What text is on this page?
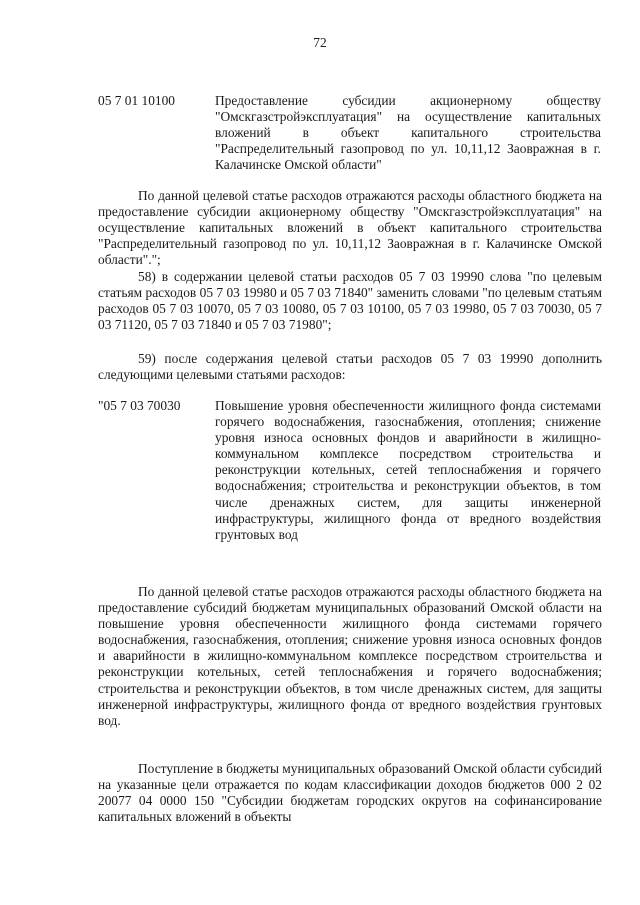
72
05 7 01 10100	Предоставление субсидии акционерному обществу "Омскгазстройэксплуатация" на осуществление капитальных вложений в объект капитального строительства "Распределительный газопровод по ул. 10,11,12 Заовражная в г. Калачинске Омской области"

По данной целевой статье расходов отражаются расходы областного бюджета на предоставление субсидии акционерному обществу "Омскгазстройэксплуатация" на осуществление капитальных вложений в объект капитального строительства "Распределительный газопровод по ул. 10,11,12 Заовражная в г. Калачинске Омской области".";

58) в содержании целевой статьи расходов 05 7 03 19990 слова "по целевым статьям расходов 05 7 03 19980 и 05 7 03 71840" заменить словами "по целевым статьям расходов 05 7 03 10070, 05 7 03 10080, 05 7 03 10100, 05 7 03 19980, 05 7 03 70030, 05 7 03 71120, 05 7 03 71840 и 05 7 03 71980";

59) после содержания целевой статьи расходов 05 7 03 19990 дополнить следующими целевыми статьями расходов:

"05 7 03 70030	Повышение уровня обеспеченности жилищного фонда системами горячего водоснабжения, газоснабжения, отопления; снижение уровня износа основных фондов и аварийности в жилищно-коммунальном комплексе посредством строительства и реконструкции котельных, сетей теплоснабжения и горячего водоснабжения; строительства и реконструкции объектов, в том числе дренажных систем, для защиты инженерной инфраструктуры, жилищного фонда от вредного воздействия грунтовых вод

По данной целевой статье расходов отражаются расходы областного бюджета на предоставление субсидий бюджетам муниципальных образований Омской области на повышение уровня обеспеченности жилищного фонда системами горячего водоснабжения, газоснабжения, отопления; снижение уровня износа основных фондов и аварийности в жилищно-коммунальном комплексе посредством строительства и реконструкции котельных, сетей теплоснабжения и горячего водоснабжения; строительства и реконструкции объектов, в том числе дренажных систем, для защиты инженерной инфраструктуры, жилищного фонда от вредного воздействия грунтовых вод.

Поступление в бюджеты муниципальных образований Омской области субсидий на указанные цели отражается по кодам классификации доходов бюджетов 000 2 02 20077 04 0000 150 "Субсидии бюджетам городских округов на софинансирование капитальных вложений в объекты
